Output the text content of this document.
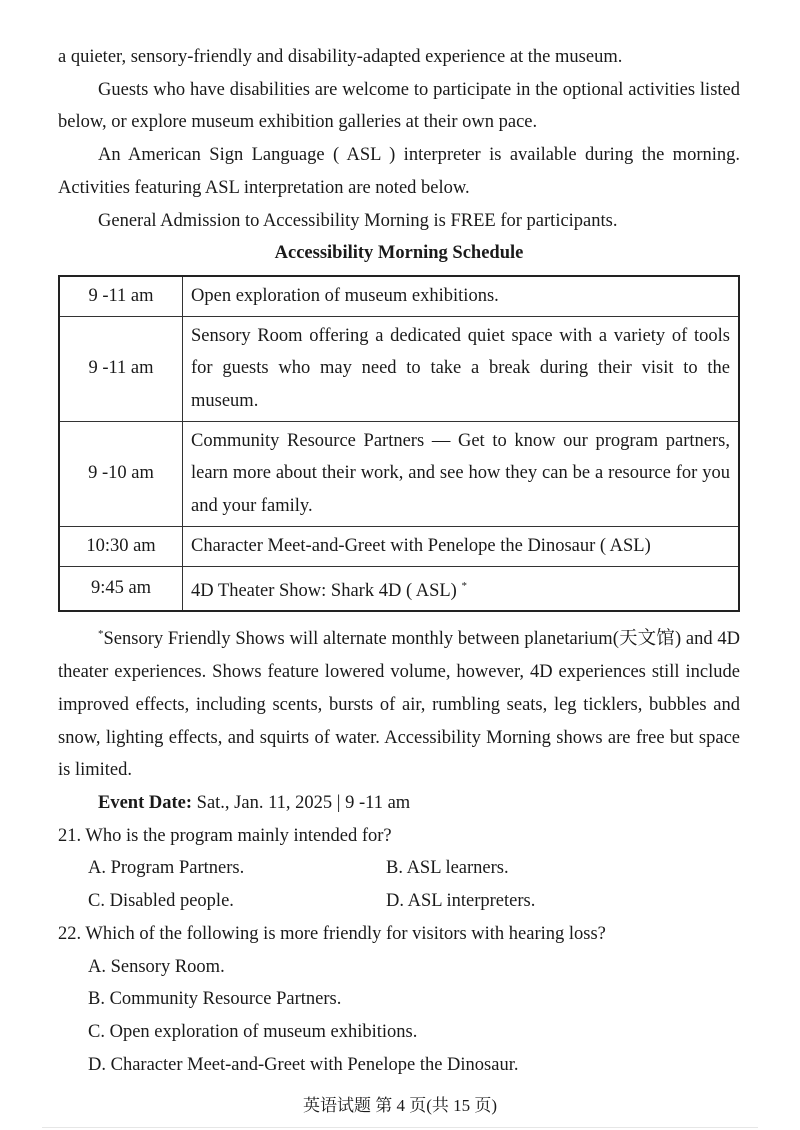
a quieter, sensory-friendly and disability-adapted experience at the museum.

Guests who have disabilities are welcome to participate in the optional activities listed below, or explore museum exhibition galleries at their own pace.

An American Sign Language ( ASL ) interpreter is available during the morning. Activities featuring ASL interpretation are noted below.

General Admission to Accessibility Morning is FREE for participants.

Accessibility Morning Schedule

9 -11 am	Open exploration of museum exhibitions.
9 -11 am	Sensory Room offering a dedicated quiet space with a variety of tools for guests who may need to take a break during their visit to the museum.
9 -10 am	Community Resource Partners — Get to know our program partners, learn more about their work, and see how they can be a resource for you and your family.
10:30 am	Character Meet-and-Greet with Penelope the Dinosaur ( ASL)
9:45 am	4D Theater Show: Shark 4D ( ASL) *

*Sensory Friendly Shows will alternate monthly between planetarium(天文馆) and 4D theater experiences. Shows feature lowered volume, however, 4D experiences still include improved effects, including scents, bursts of air, rumbling seats, leg ticklers, bubbles and snow, lighting effects, and squirts of water. Accessibility Morning shows are free but space is limited.

Event Date: Sat., Jan. 11, 2025 | 9 -11 am

21. Who is the program mainly intended for?

A. Program Partners.	B. ASL learners.
C. Disabled people.	D. ASL interpreters.

22. Which of the following is more friendly for visitors with hearing loss?

A. Sensory Room.

B. Community Resource Partners.

C. Open exploration of museum exhibitions.

D. Character Meet-and-Greet with Penelope the Dinosaur.

英语试题 第 4 页(共 15 页)
